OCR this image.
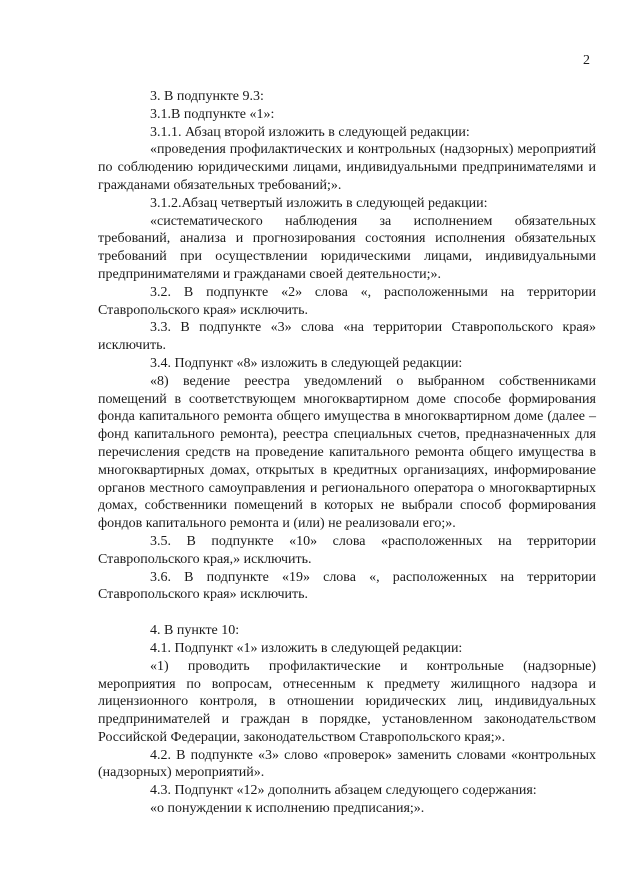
2

3. В подпункте 9.3:

3.1.В подпункте «1»:

3.1.1. Абзац второй изложить в следующей редакции:

«проведения профилактических и контрольных (надзорных) мероприятий по соблюдению юридическими лицами, индивидуальными предпринимателями и гражданами обязательных требований;».

3.1.2.Абзац четвертый изложить в следующей редакции:

«систематического наблюдения за исполнением обязательных требований, анализа и прогнозирования состояния исполнения обязательных требований при осуществлении юридическими лицами, индивидуальными предпринимателями и гражданами своей деятельности;».

3.2. В подпункте «2» слова «, расположенными на территории Ставропольского края» исключить.

3.3. В подпункте «3» слова «на территории Ставропольского края» исключить.

3.4. Подпункт «8» изложить в следующей редакции:

«8) ведение реестра уведомлений о выбранном собственниками помещений в соответствующем многоквартирном доме способе формирования фонда капитального ремонта общего имущества в многоквартирном доме (далее – фонд капитального ремонта), реестра специальных счетов, предназначенных для перечисления средств на проведение капитального ремонта общего имущества в многоквартирных домах, открытых в кредитных организациях, информирование органов местного самоуправления и регионального оператора о многоквартирных домах, собственники помещений в которых не выбрали способ формирования фондов капитального ремонта и (или) не реализовали его;».

3.5. В подпункте «10» слова «расположенных на территории Ставропольского края,» исключить.

3.6. В подпункте «19» слова «, расположенных на территории Ставропольского края» исключить.

4. В пункте 10:

4.1. Подпункт «1» изложить в следующей редакции:

«1) проводить профилактические и контрольные (надзорные) мероприятия по вопросам, отнесенным к предмету жилищного надзора и лицензионного контроля, в отношении юридических лиц, индивидуальных предпринимателей и граждан в порядке, установленном законодательством Российской Федерации, законодательством Ставропольского края;».

4.2. В подпункте «3» слово «проверок» заменить словами «контрольных (надзорных) мероприятий».

4.3. Подпункт «12» дополнить абзацем следующего содержания:

«о понуждении к исполнению предписания;».
